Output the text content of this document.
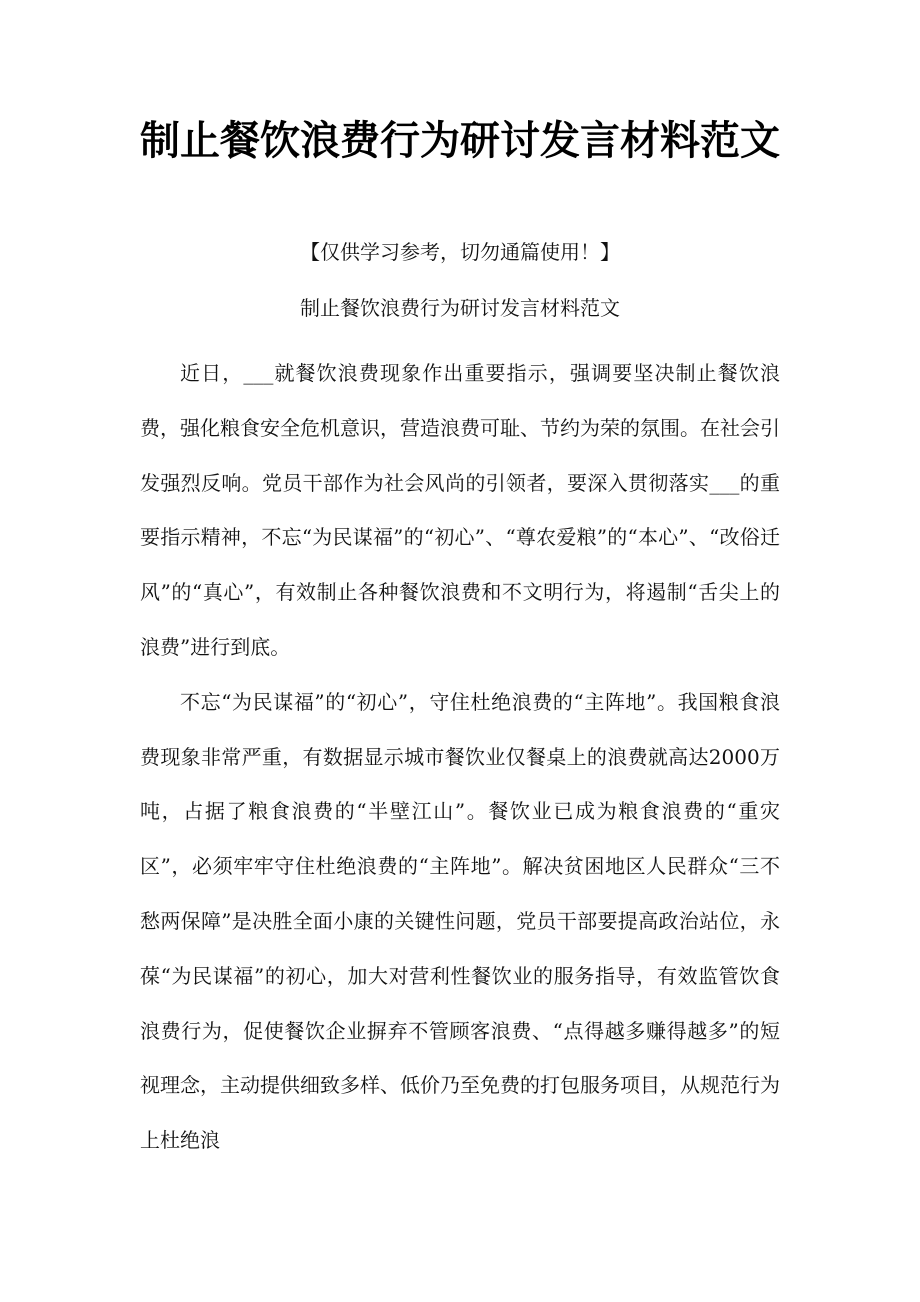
制止餐饮浪费行为研讨发言材料范文
【仅供学习参考，切勿通篇使用！】
制止餐饮浪费行为研讨发言材料范文

近日，___就餐饮浪费现象作出重要指示，强调要坚决制止餐饮浪费，强化粮食安全危机意识，营造浪费可耻、节约为荣的氛围。在社会引发强烈反响。党员干部作为社会风尚的引领者，要深入贯彻落实___的重要指示精神，不忘“为民谋福”的“初心”、“尊农爱粮”的“本心”、“改俗迁风”的“真心”，有效制止各种餐饮浪费和不文明行为，将遏制“舌尖上的浪费”进行到底。

不忘“为民谋福”的“初心”，守住杜绝浪费的“主阵地”。我国粮食浪费现象非常严重，有数据显示城市餐饮业仅餐桌上的浪费就高达2000万吨，占据了粮食浪费的“半壁江山”。餐饮业已成为粮食浪费的“重灾区”，必须牢牢守住杜绝浪费的“主阵地”。解决贫困地区人民群众“三不愁两保障”是决胜全面小康的关键性问题，党员干部要提高政治站位，永葆“为民谋福”的初心，加大对营利性餐饮业的服务指导，有效监管饮食浪费行为，促使餐饮企业摒弃不管顾客浪费、“点得越多赚得越多”的短视理念，主动提供细致多样、低价乃至免费的打包服务项目，从规范行为上杜绝浪
